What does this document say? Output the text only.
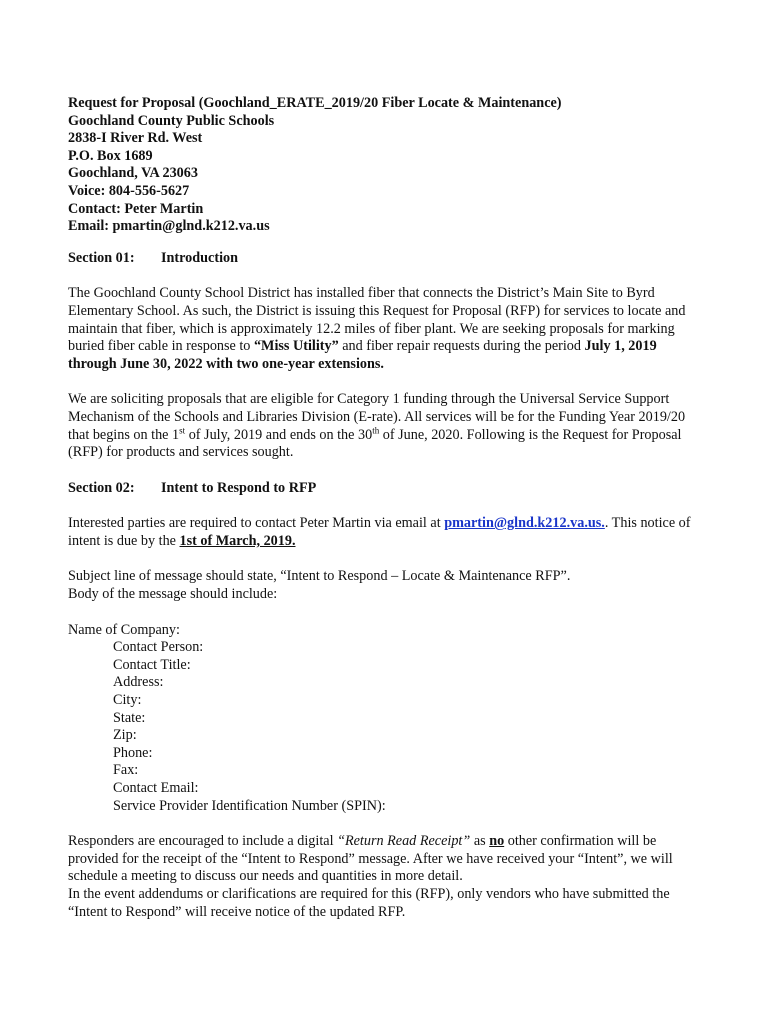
Request for Proposal (Goochland_ERATE_2019/20 Fiber Locate & Maintenance)

Goochland County Public Schools

2838-I River Rd. West

P.O. Box 1689

Goochland, VA 23063

Voice: 804-556-5627

Contact: Peter Martin

Email: pmartin@glnd.k212.va.us

Section 01:	Introduction

The Goochland County School District has installed fiber that connects the District’s Main Site to Byrd Elementary School. As such, the District is issuing this Request for Proposal (RFP) for services to locate and maintain that fiber, which is approximately 12.2 miles of fiber plant. We are seeking proposals for marking buried fiber cable in response to “Miss Utility” and fiber repair requests during the period July 1, 2019 through June 30, 2022 with two one-year extensions.

We are soliciting proposals that are eligible for Category 1 funding through the Universal Service Support Mechanism of the Schools and Libraries Division (E-rate). All services will be for the Funding Year 2019/20 that begins on the 1st of July, 2019 and ends on the 30th of June, 2020. Following is the Request for Proposal (RFP) for products and services sought.

Section 02:	Intent to Respond to RFP

Interested parties are required to contact Peter Martin via email at pmartin@glnd.k212.va.us.. This notice of intent is due by the 1st of March, 2019.

Subject line of message should state, “Intent to Respond – Locate & Maintenance RFP”.

Body of the message should include:

Name of Company:

Contact Person:
Contact Title:
Address:
City:
State:
Zip:
Phone:
Fax:
Contact Email:
Service Provider Identification Number (SPIN):

Responders are encouraged to include a digital “Return Read Receipt” as no other confirmation will be provided for the receipt of the “Intent to Respond” message. After we have received your “Intent”, we will schedule a meeting to discuss our needs and quantities in more detail.

In the event addendums or clarifications are required for this (RFP), only vendors who have submitted the “Intent to Respond” will receive notice of the updated RFP.
